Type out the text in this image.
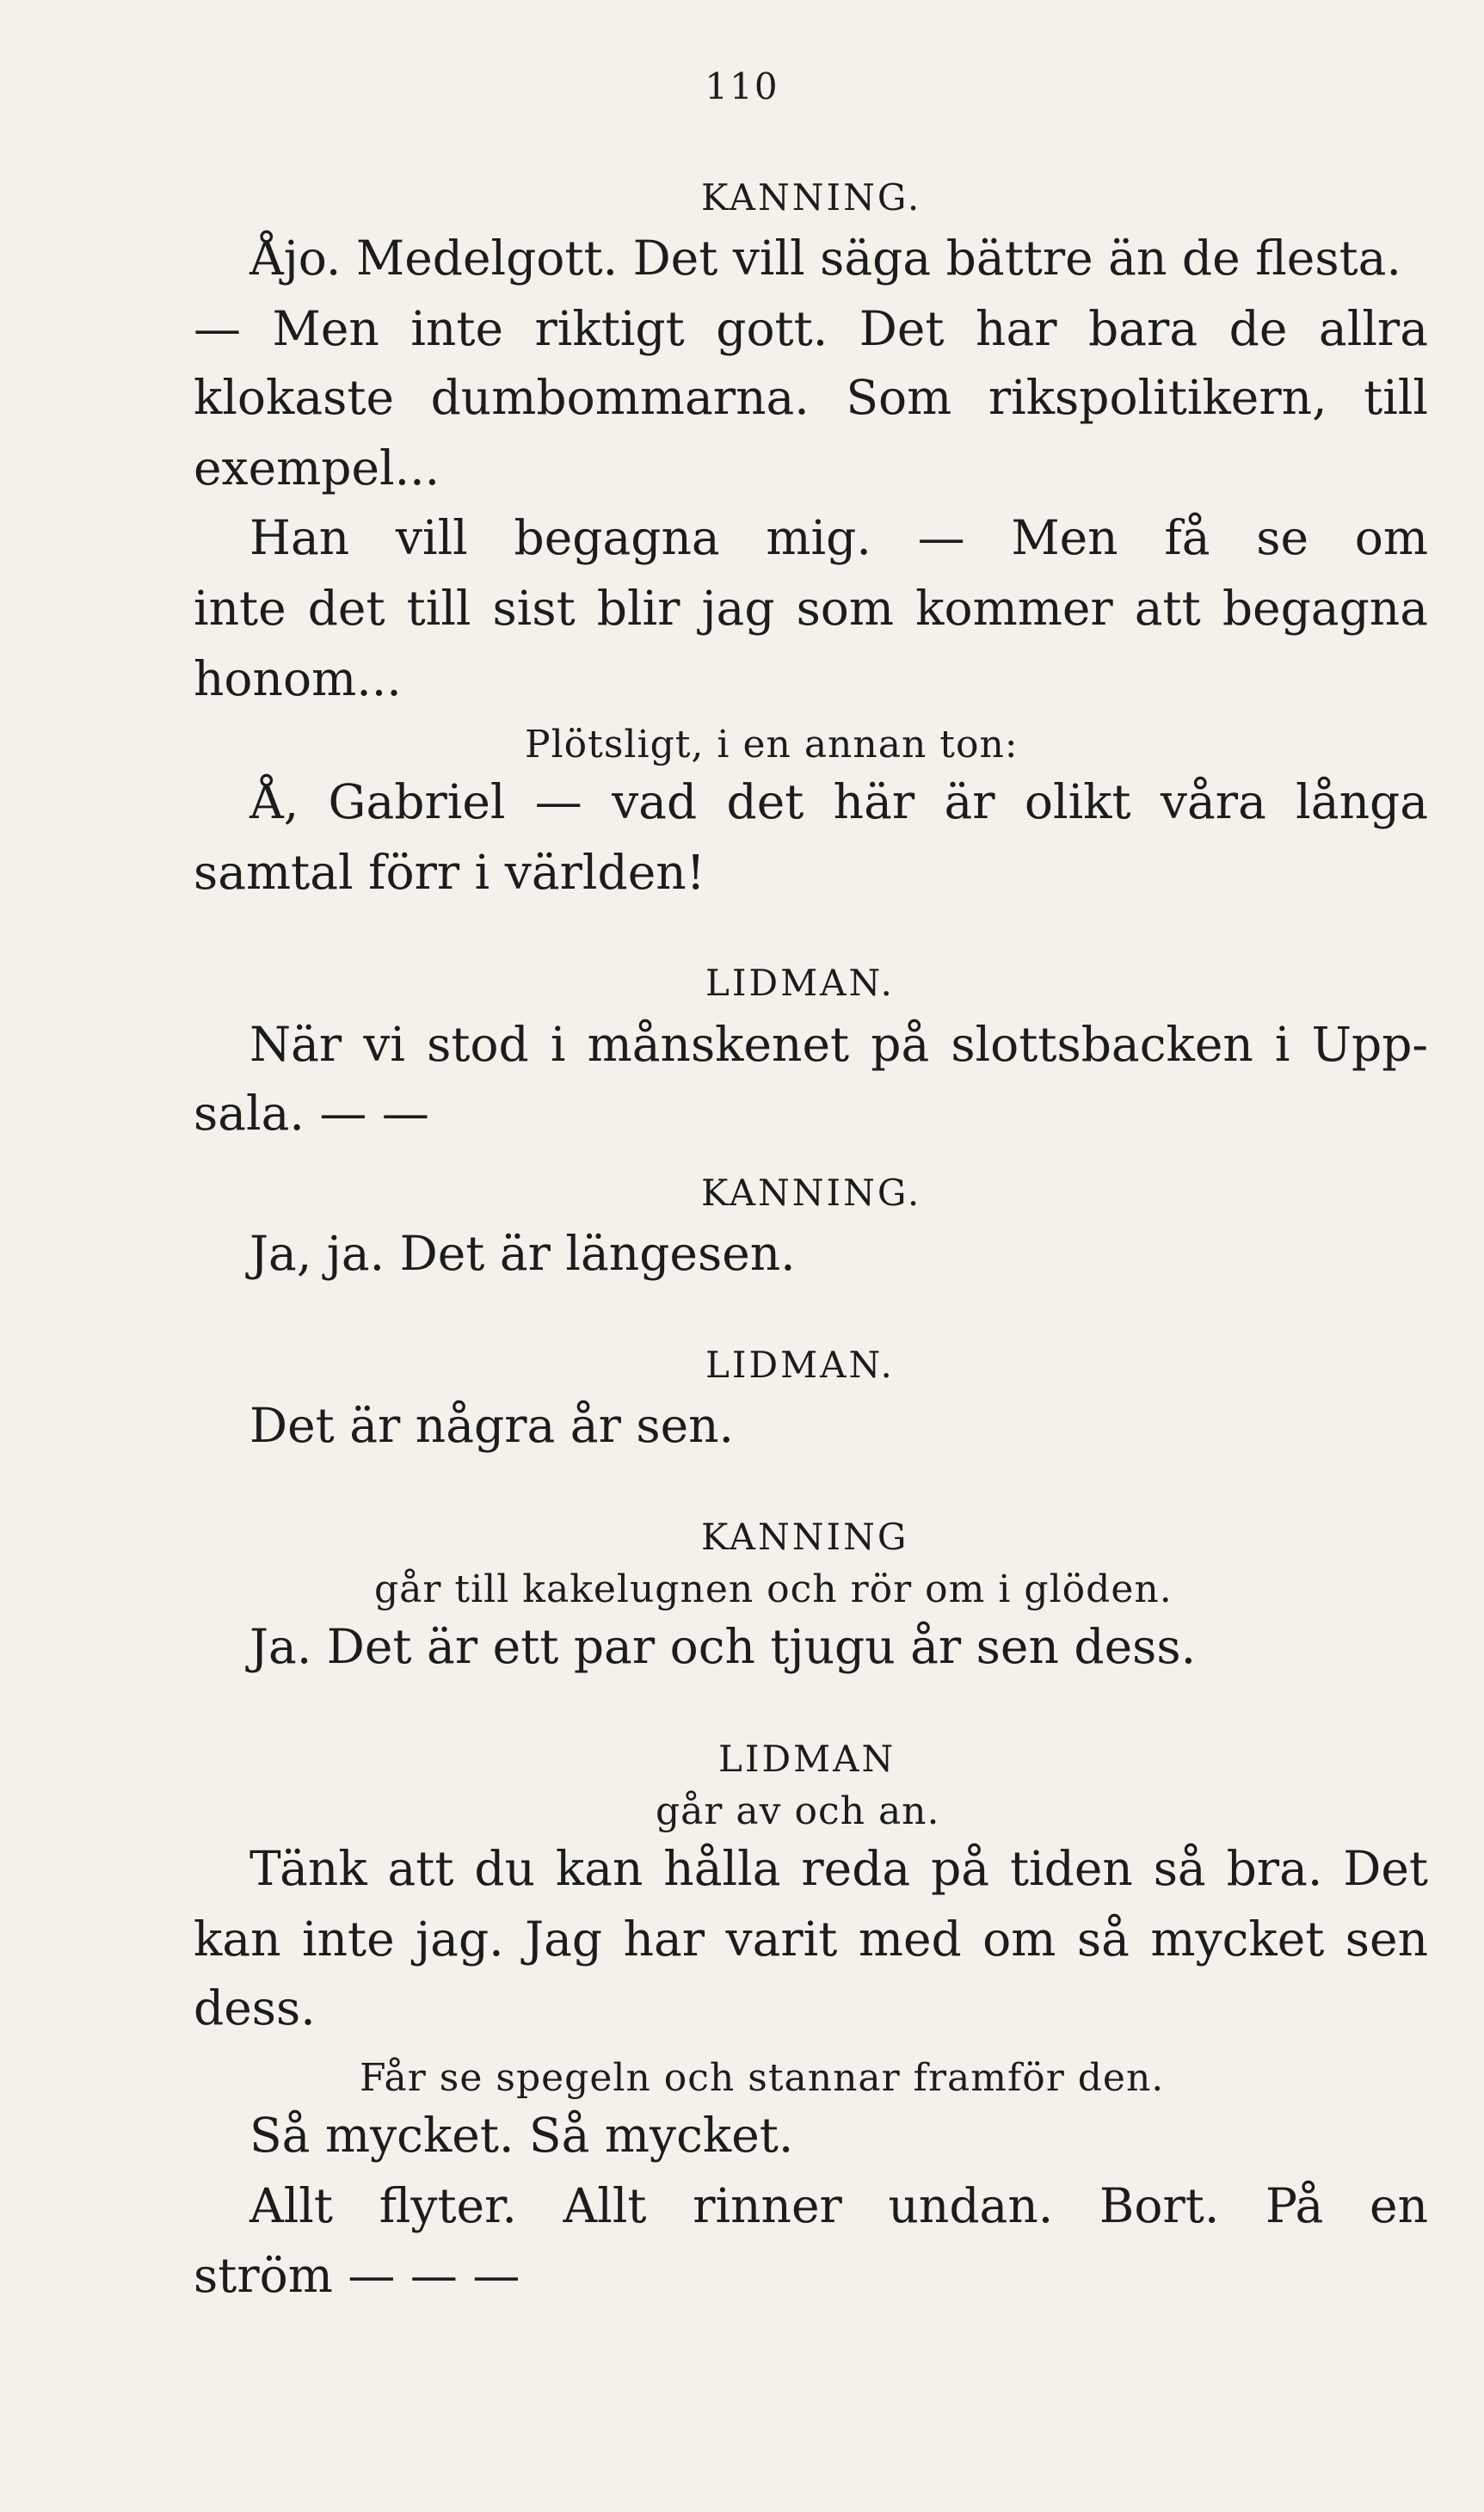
110
KANNING.
Åjo. Medelgott. Det vill säga bättre än de flesta.
— Men inte riktigt gott. Det har bara de allra
klokaste dumbommarna. Som rikspolitikern, till
exempel...
Han vill begagna mig. — Men få se om
inte det till sist blir jag som kommer att begagna
honom...
Plötsligt, i en annan ton:
Å, Gabriel — vad det här är olikt våra långa
samtal förr i världen!
LIDMAN.
När vi stod i månskenet på slottsbacken i Upp-
sala. — —
KANNING.
Ja, ja. Det är längesen.
LIDMAN.
Det är några år sen.
KANNING
går till kakelugnen och rör om i glöden.
Ja. Det är ett par och tjugu år sen dess.
LIDMAN
går av och an.
Tänk att du kan hålla reda på tiden så bra. Det
kan inte jag. Jag har varit med om så mycket sen
dess.
Får se spegeln och stannar framför den.
Så mycket. Så mycket.
Allt flyter. Allt rinner undan. Bort. På en
ström — — —
